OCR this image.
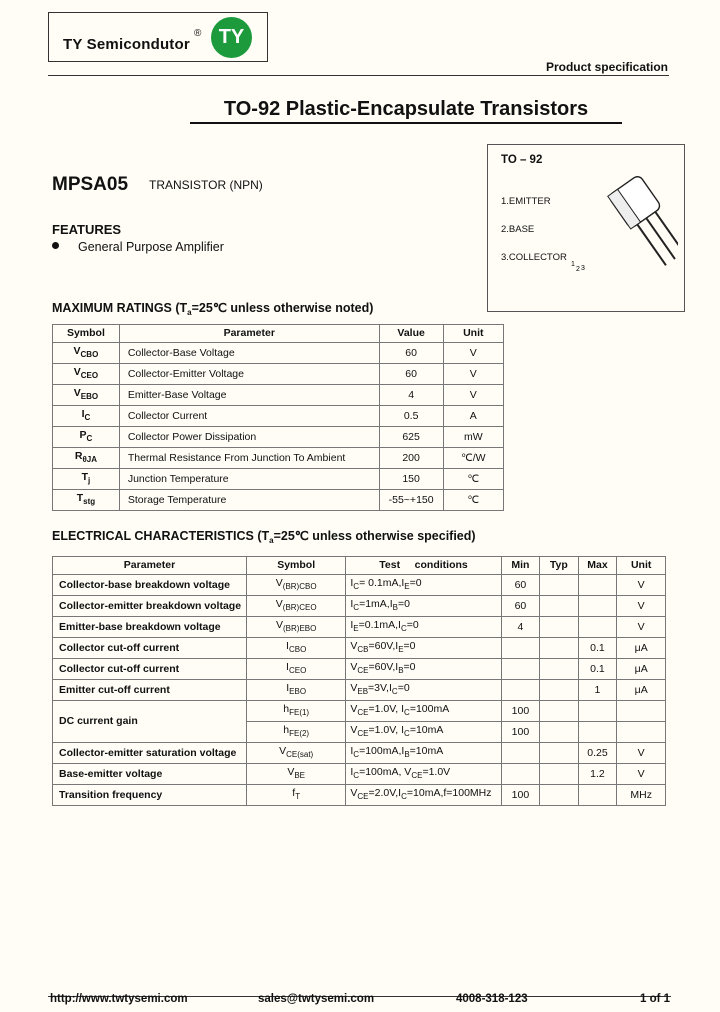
TY Semicondutor
® TY
Product specification
TO-92 Plastic-Encapsulate Transistors
MPSA05 TRANSISTOR (NPN)
FEATURES
General Purpose Amplifier
TO – 92
1.EMITTER
2.BASE
3.COLLECTOR
1
2 3
MAXIMUM RATINGS ($T_a=25℃$ unless otherwise noted)
Symbol	Parameter	Value	Unit
$V_{CBO}$	Collector-Base Voltage	60	V
$V_{CEO}$	Collector-Emitter Voltage	60	V
$V_{EBO}$	Emitter-Base Voltage	4	V
$I_C$	Collector Current	0.5	A
$P_C$	Collector Power Dissipation	625	mW
$R_{\theta JA}$	Thermal Resistance From Junction To Ambient	200	℃/W
$T_j$	Junction Temperature	150	℃
$T_{stg}$	Storage Temperature	-55~+150	℃
ELECTRICAL CHARACTERISTICS ($T_a=25℃$ unless otherwise specified)
Parameter	Symbol	Test     conditions	Min	Typ	Max	Unit
Collector-base breakdown voltage	$V_{(BR)CBO}$	$I_C= 0.1mA,I_E=0$	60			V
Collector-emitter breakdown voltage	$V_{(BR)CEO}$	$I_C=1mA,I_B=0$	60			V
Emitter-base breakdown voltage	$V_{(BR)EBO}$	$I_E=0.1mA,I_C=0$	4			V
Collector cut-off current	$I_{CBO}$	$V_{CB}=60V,I_E=0$			0.1	μA
Collector cut-off current	$I_{CEO}$	$V_{CE}=60V,I_B=0$			0.1	μA
Emitter cut-off current	$I_{EBO}$	$V_{EB}=3V,I_C=0$			1	μA
DC current gain	$h_{FE(1)}$	$V_{CE}=1.0V$, $I_C=100mA$	100			
	$h_{FE(2)}$	$V_{CE}=1.0V$, $I_C=10mA$	100			
Collector-emitter saturation voltage	$V_{CE(sat)}$	$I_C=100mA,I_B=10mA$			0.25	V
Base-emitter voltage	$V_{BE}$	$I_C=100mA$, $V_{CE}=1.0V$			1.2	V
Transition frequency	$f_T$	$V_{CE}=2.0V,I_C=10mA,f=100MHz$	100			MHz
http://www.twtysemi.com	sales@twtysemi.com	4008-318-123	1 of 1
